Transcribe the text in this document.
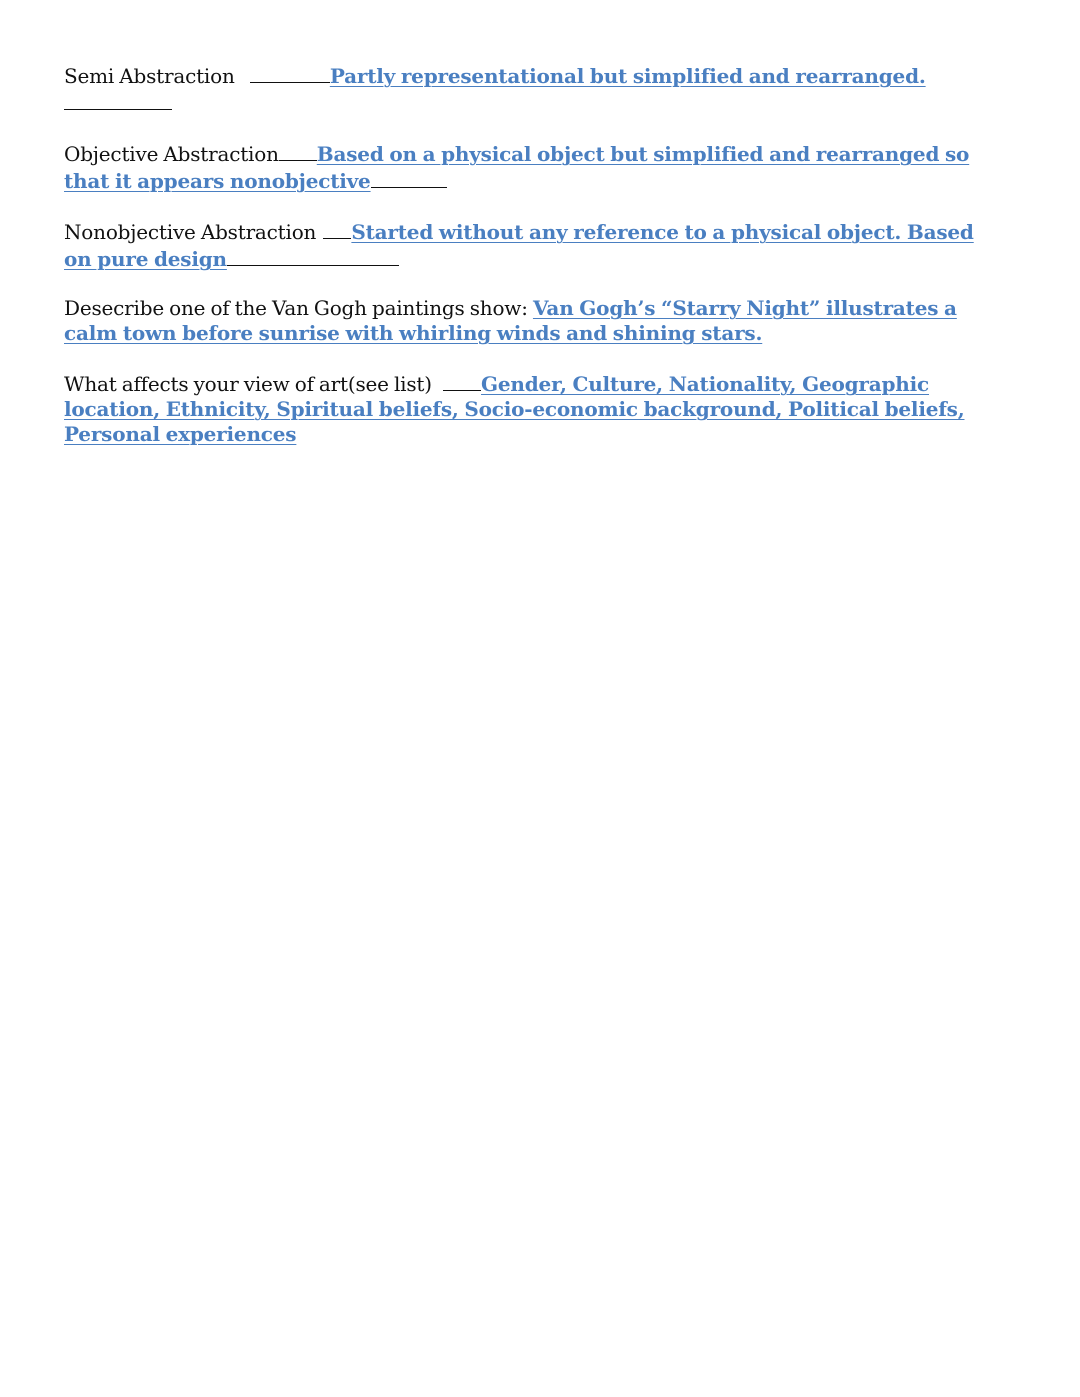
Semi Abstraction	Partly representational but simplified and rearranged.

Objective Abstraction Based on a physical object but simplified and rearranged so that it appears nonobjective

Nonobjective Abstraction Started without any reference to a physical object. Based on pure design

Desecribe one of the Van Gogh paintings show: Van Gogh’s “Starry Night” illustrates a calm town before sunrise with whirling winds and shining stars.

What affects your view of art(see list) Gender, Culture, Nationality, Geographic location, Ethnicity, Spiritual beliefs, Socio-economic background, Political beliefs, Personal experiences
